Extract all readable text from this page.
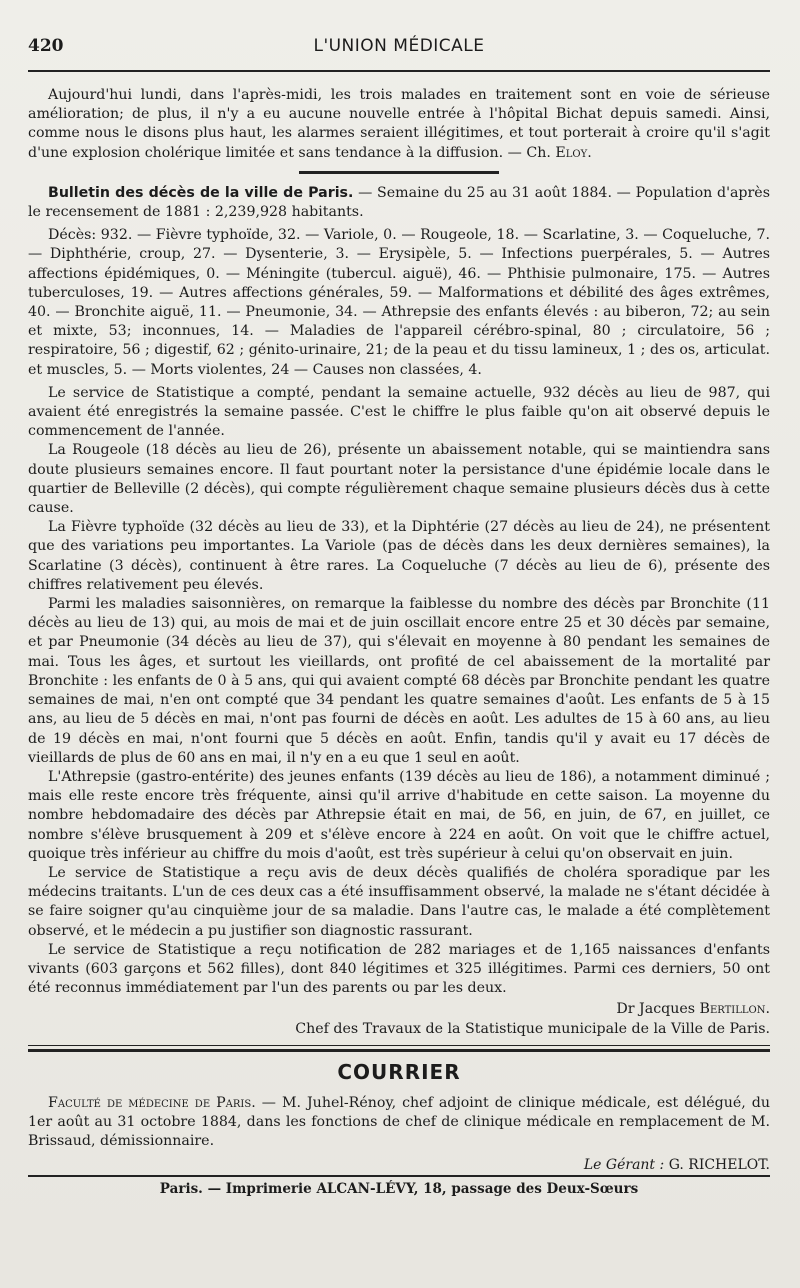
420	L'UNION MÉDICALE

Aujourd'hui lundi, dans l'après-midi, les trois malades en traitement sont en voie de sérieuse amélioration; de plus, il n'y a eu aucune nouvelle entrée à l'hôpital Bichat depuis samedi. Ainsi, comme nous le disons plus haut, les alarmes seraient illégitimes, et tout porterait à croire qu'il s'agit d'une explosion cholérique limitée et sans tendance à la diffusion. — Ch. Eloy.

Bulletin des décès de la ville de Paris. — Semaine du 25 au 31 août 1884. — Population d'après le recensement de 1881 : 2,239,928 habitants.

Décès: 932. — Fièvre typhoïde, 32. — Variole, 0. — Rougeole, 18. — Scarlatine, 3. — Coqueluche, 7. — Diphthérie, croup, 27. — Dysenterie, 3. — Erysipèle, 5. — Infections puerpérales, 5. — Autres affections épidémiques, 0. — Méningite (tubercul. aiguë), 46. — Phthisie pulmonaire, 175. — Autres tuberculoses, 19. — Autres affections générales, 59. — Malformations et débilité des âges extrêmes, 40. — Bronchite aiguë, 11. — Pneumonie, 34. — Athrepsie des enfants élevés : au biberon, 72; au sein et mixte, 53; inconnues, 14. — Maladies de l'appareil cérébro-spinal, 80 ; circulatoire, 56 ; respiratoire, 56 ; digestif, 62 ; génito-urinaire, 21; de la peau et du tissu lamineux, 1 ; des os, articulat. et muscles, 5. — Morts violentes, 24 — Causes non classées, 4.

Le service de Statistique a compté, pendant la semaine actuelle, 932 décès au lieu de 987, qui avaient été enregistrés la semaine passée. C'est le chiffre le plus faible qu'on ait observé depuis le commencement de l'année.

La Rougeole (18 décès au lieu de 26), présente un abaissement notable, qui se maintiendra sans doute plusieurs semaines encore. Il faut pourtant noter la persistance d'une épidémie locale dans le quartier de Belleville (2 décès), qui compte régulièrement chaque semaine plusieurs décès dus à cette cause.

La Fièvre typhoïde (32 décès au lieu de 33), et la Diphtérie (27 décès au lieu de 24), ne présentent que des variations peu importantes. La Variole (pas de décès dans les deux dernières semaines), la Scarlatine (3 décès), continuent à être rares. La Coqueluche (7 décès au lieu de 6), présente des chiffres relativement peu élevés.

Parmi les maladies saisonnières, on remarque la faiblesse du nombre des décès par Bronchite (11 décès au lieu de 13) qui, au mois de mai et de juin oscillait encore entre 25 et 30 décès par semaine, et par Pneumonie (34 décès au lieu de 37), qui s'élevait en moyenne à 80 pendant les semaines de mai. Tous les âges, et surtout les vieillards, ont profité de cel abaissement de la mortalité par Bronchite : les enfants de 0 à 5 ans, qui qui avaient compté 68 décès par Bronchite pendant les quatre semaines de mai, n'en ont compté que 34 pendant les quatre semaines d'août. Les enfants de 5 à 15 ans, au lieu de 5 décès en mai, n'ont pas fourni de décès en août. Les adultes de 15 à 60 ans, au lieu de 19 décès en mai, n'ont fourni que 5 décès en août. Enfin, tandis qu'il y avait eu 17 décès de vieillards de plus de 60 ans en mai, il n'y en a eu que 1 seul en août.

L'Athrepsie (gastro-entérite) des jeunes enfants (139 décès au lieu de 186), a notamment diminué ; mais elle reste encore très fréquente, ainsi qu'il arrive d'habitude en cette saison. La moyenne du nombre hebdomadaire des décès par Athrepsie était en mai, de 56, en juin, de 67, en juillet, ce nombre s'élève brusquement à 209 et s'élève encore à 224 en août. On voit que le chiffre actuel, quoique très inférieur au chiffre du mois d'août, est très supérieur à celui qu'on observait en juin.

Le service de Statistique a reçu avis de deux décès qualifiés de choléra sporadique par les médecins traitants. L'un de ces deux cas a été insuffisamment observé, la malade ne s'étant décidée à se faire soigner qu'au cinquième jour de sa maladie. Dans l'autre cas, le malade a été complètement observé, et le médecin a pu justifier son diagnostic rassurant.

Le service de Statistique a reçu notification de 282 mariages et de 1,165 naissances d'enfants vivants (603 garçons et 562 filles), dont 840 légitimes et 325 illégitimes. Parmi ces derniers, 50 ont été reconnus immédiatement par l'un des parents ou par les deux.

Dr Jacques Bertillon.

Chef des Travaux de la Statistique municipale de la Ville de Paris.

COURRIER

Faculté de médecine de Paris. — M. Juhel-Rénoy, chef adjoint de clinique médicale, est délégué, du 1er août au 31 octobre 1884, dans les fonctions de chef de clinique médicale en remplacement de M. Brissaud, démissionnaire.

Le Gérant : G. RICHELOT.
Paris. — Imprimerie ALCAN-LÉVY, 18, passage des Deux-Sœurs
